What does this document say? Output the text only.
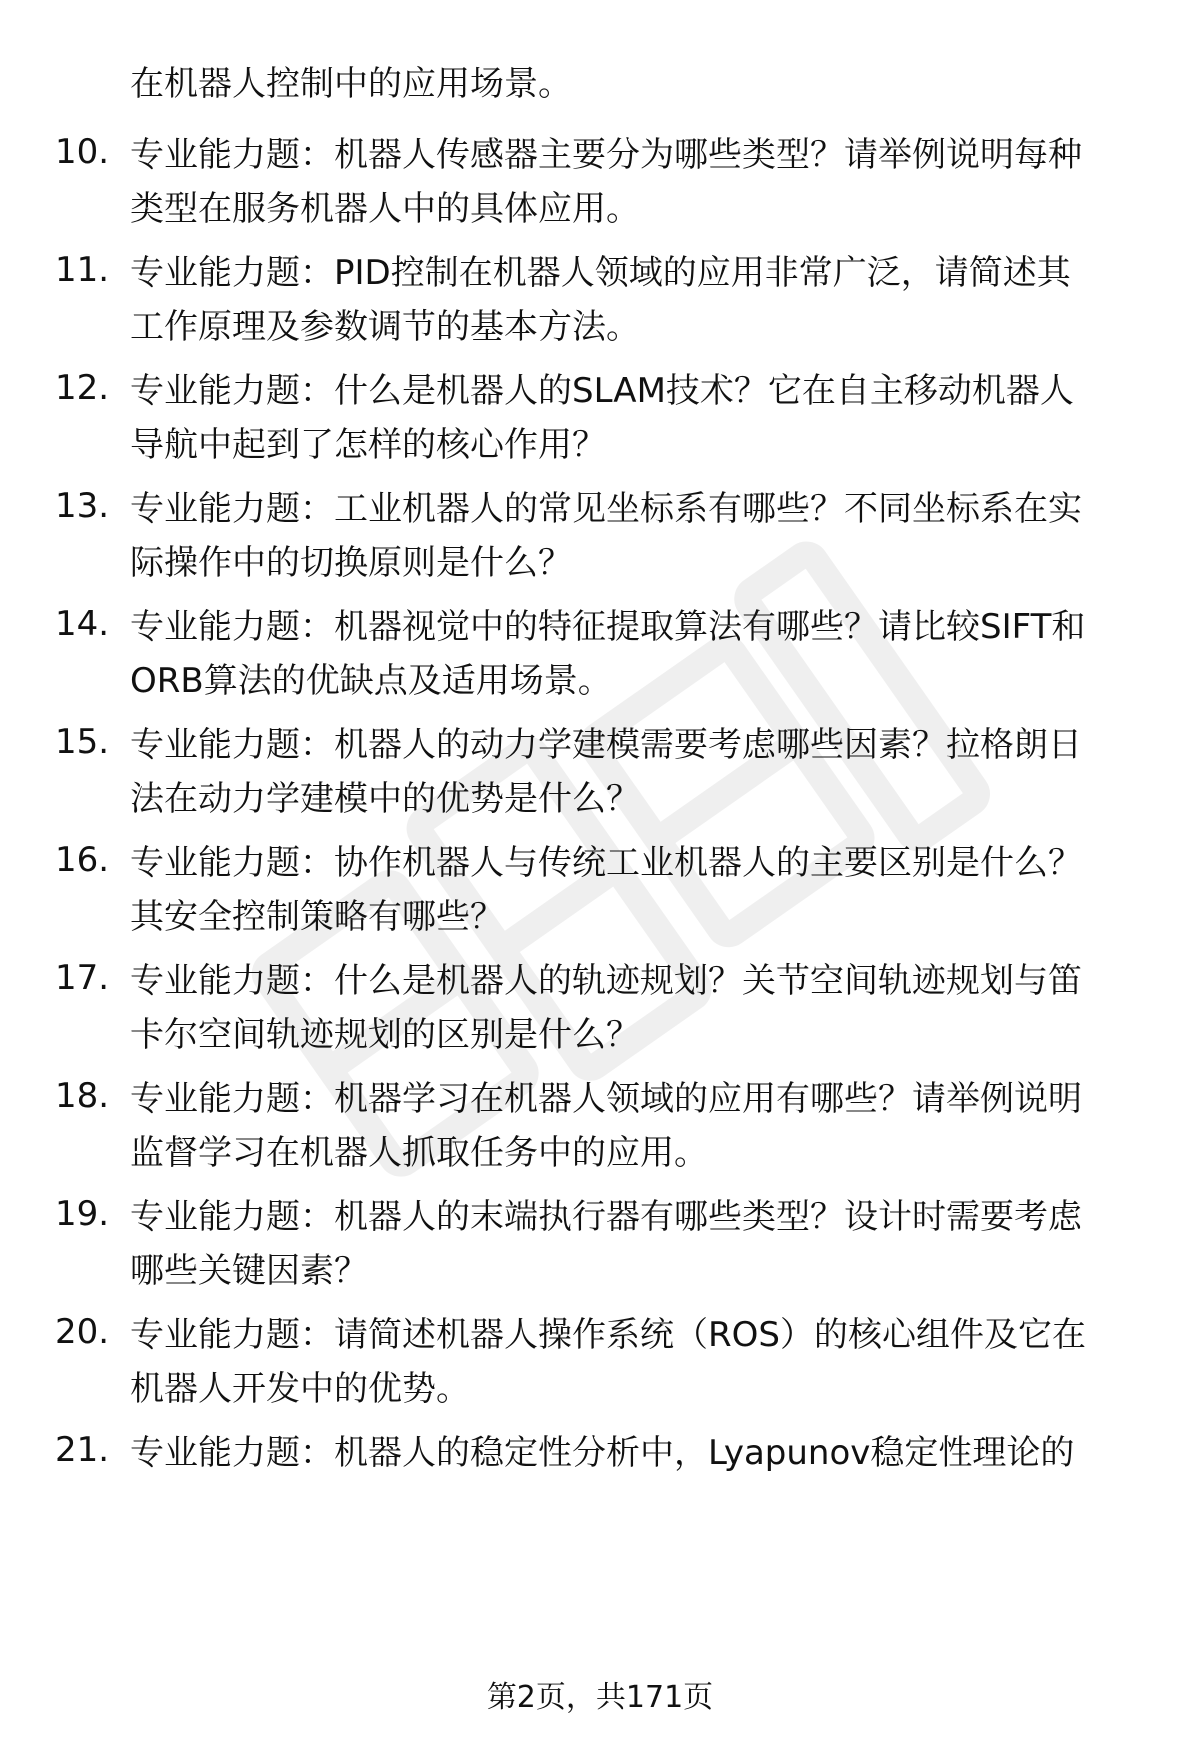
在机器人控制中的应用场景。
10. 专业能力题：机器人传感器主要分为哪些类型？请举例说明每种
类型在服务机器人中的具体应用。
11. 专业能力题：PID控制在机器人领域的应用非常广泛，请简述其
工作原理及参数调节的基本方法。
12. 专业能力题：什么是机器人的SLAM技术？它在自主移动机器人
导航中起到了怎样的核心作用？
13. 专业能力题：工业机器人的常见坐标系有哪些？不同坐标系在实
际操作中的切换原则是什么？
14. 专业能力题：机器视觉中的特征提取算法有哪些？请比较SIFT和
ORB算法的优缺点及适用场景。
15. 专业能力题：机器人的动力学建模需要考虑哪些因素？拉格朗日
法在动力学建模中的优势是什么？
16. 专业能力题：协作机器人与传统工业机器人的主要区别是什么？
其安全控制策略有哪些？
17. 专业能力题：什么是机器人的轨迹规划？关节空间轨迹规划与笛
卡尔空间轨迹规划的区别是什么？
18. 专业能力题：机器学习在机器人领域的应用有哪些？请举例说明
监督学习在机器人抓取任务中的应用。
19. 专业能力题：机器人的末端执行器有哪些类型？设计时需要考虑
哪些关键因素？
20. 专业能力题：请简述机器人操作系统（ROS）的核心组件及它在
机器人开发中的优势。
21. 专业能力题：机器人的稳定性分析中，Lyapunov稳定性理论的
第2页，共171页
